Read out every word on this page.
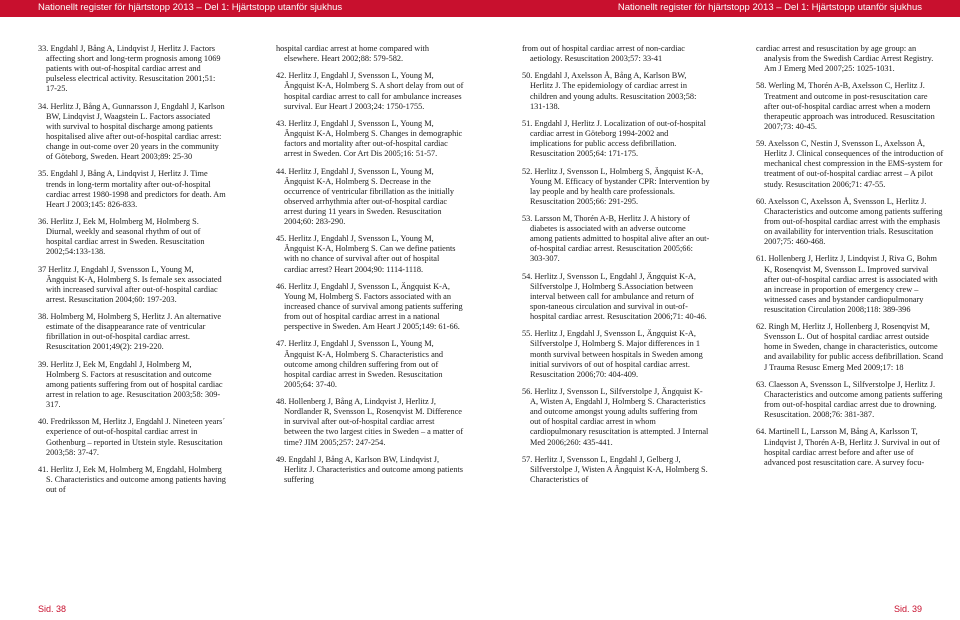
Nationellt register för hjärtstopp 2013 – Del 1: Hjärtstopp utanför sjukhus	Nationellt register för hjärtstopp 2013 – Del 1: Hjärtstopp utanför sjukhus

33. Engdahl J, Bång A, Lindqvist J, Herlitz J. Factors affecting short and long-term prognosis among 1069 patients with out-of-hospital cardiac arrest and pulseless electrical activity. Resuscitation 2001;51: 17-25.

34. Herlitz J, Bång A, Gunnarsson J, Engdahl J, Karlson BW, Lindqvist J, Waagstein L. Factors associated with survival to hospital discharge among patients hospitalised alive after out-of-hospital cardiac arrest: change in out-come over 20 years in the community of Göteborg, Sweden. Heart 2003;89: 25-30

35. Engdahl J, Bång A, Lindqvist J, Herlitz J. Time trends in long-term mortality after out-of-hospital cardiac arrest 1980-1998 and predictors for death. Am Heart J 2003;145: 826-833.

36. Herlitz J, Eek M, Holmberg M, Holmberg S. Diurnal, weekly and seasonal rhythm of out of hospital cardiac arrest in Sweden. Resuscitation 2002;54:133-138.

37 Herlitz J, Engdahl J, Svensson L, Young M, Ängquist K-A, Holmberg S. Is female sex associated with increased survival after out-of-hospital cardiac arrest. Resuscitation 2004;60: 197-203.

38. Holmberg M, Holmberg S, Herlitz J. An alternative estimate of the disappearance rate of ventricular fibrillation in out-of-hospital cardiac arrest. Resuscitation 2001;49(2): 219-220.

39. Herlitz J, Eek M, Engdahl J, Holmberg M, Holmberg S. Factors at resuscitation and outcome among patients suffering from out of hospital cardiac arrest in relation to age. Resuscitation 2003;58: 309-317.

40. Fredriksson M, Herlitz J, Engdahl J. Nineteen years´ experience of out-of-hospital cardiac arrest in Gothenburg – reported in Utstein style. Resuscitation 2003;58: 37-47.

41. Herlitz J, Eek M, Holmberg M, Engdahl, Holmberg S. Characteristics and outcome among patients having out of

hospital cardiac arrest at home compared with elsewhere. Heart 2002;88: 579-582.

42. Herlitz J, Engdahl J, Svensson L, Young M, Ängquist K-A, Holmberg S. A short delay from out of hospital cardiac arrest to call for ambulance increases survival. Eur Heart J 2003;24: 1750-1755.

43. Herlitz J, Engdahl J, Svensson L, Young M, Ängquist K-A, Holmberg S. Changes in demographic factors and mortality after out-of-hospital cardiac arrest in Sweden. Cor Art Dis 2005;16: 51-57.

44. Herlitz J, Engdahl J, Svensson L, Young M, Ängquist K-A, Holmberg S. Decrease in the occurrence of ventricular fibrillation as the initially observed arrhythmia after out-of-hospital cardiac arrest during 11 years in Sweden. Resuscitation 2004;60: 283-290.

45. Herlitz J, Engdahl J, Svensson L, Young M, Ängquist K-A, Holmberg S. Can we define patients with no chance of survival after out of hospital cardiac arrest? Heart 2004;90: 1114-1118.

46. Herlitz J, Engdahl J, Svensson L, Ängquist K-A, Young M, Holmberg S. Factors associated with an increased chance of survival among patients suffering from out of hospital cardiac arrest in a national perspective in Sweden. Am Heart J 2005;149: 61-66.

47. Herlitz J, Engdahl J, Svensson L, Young M, Ängquist K-A, Holmberg S. Characteristics and outcome among children suffering from out of hospital cardiac arrest in Sweden. Resuscitation 2005;64: 37-40.

48. Hollenberg J, Bång A, Lindqvist J, Herlitz J, Nordlander R, Svensson L, Rosenqvist M. Difference in survival after out-of-hospital cardiac arrest between the two largest cities in Sweden – a matter of time? JIM 2005;257: 247-254.

49. Engdahl J, Bång A, Karlson BW, Lindqvist J, Herlitz J. Characteristics and outcome among patients suffering

from out of hospital cardiac arrest of non-cardiac aetiology. Resuscitation 2003;57: 33-41

50. Engdahl J, Axelsson Å, Bång A, Karlson BW, Herlitz J. The epidemiology of cardiac arrest in children and young adults. Resuscitation 2003;58: 131-138.

51. Engdahl J, Herlitz J. Localization of out-of-hospital cardiac arrest in Göteborg 1994-2002 and implications for public access defibrillation. Resuscitation 2005;64: 171-175.

52. Herlitz J, Svensson L, Holmberg S, Ängquist K-A, Young M. Efficacy of bystander CPR: Intervention by lay people and by health care professionals. Resuscitation 2005;66: 291-295.

53. Larsson M, Thorén A-B, Herlitz J. A history of diabetes is associated with an adverse outcome among patients admitted to hospital alive after an out-of-hospital cardiac arrest. Resuscitation 2005;66: 303-307.

54. Herlitz J, Svensson L, Engdahl J, Ängquist K-A, Silfverstolpe J, Holmberg S.Association between interval between call for ambulance and return of spon-taneous circulation and survival in out-of-hospital cardiac arrest. Resuscitation 2006;71: 40-46.

55. Herlitz J, Engdahl J, Svensson L, Ängquist K-A, Silfverstolpe J, Holmberg S. Major differences in 1 month survival between hospitals in Sweden among initial survivors of out of hospital cardiac arrest. Resuscitation 2006;70: 404-409.

56. Herlitz J, Svensson L, Silfverstolpe J, Ängquist K-A, Wisten A, Engdahl J, Holmberg S. Characteristics and outcome amongst young adults suffering from out of hospital cardiac arrest in whom cardiopulmonary resuscitation is attempted. J Internal Med 2006;260: 435-441.

57. Herlitz J, Svensson L, Engdahl J, Gelberg J, Silfverstolpe J, Wisten A Ängquist K-A, Holmberg S. Characteristics of

cardiac arrest and resuscitation by age group: an analysis from the Swedish Cardiac Arrest Registry. Am J Emerg Med 2007;25: 1025-1031.

58. Werling M, Thorén A-B, Axelsson C, Herlitz J. Treatment and outcome in post-resuscitation care after out-of-hospital cardiac arrest when a modern therapeutic approach was introduced. Resuscitation 2007;73: 40-45.

59. Axelsson C, Nestin J, Svensson L, Axelsson Å, Herlitz J. Clinical consequences of the introduction of mechanical chest compression in the EMS-system for treatment of out-of-hospital cardiac arrest – A pilot study. Resuscitation 2006;71: 47-55.

60. Axelsson C, Axelsson Å, Svensson L, Herlitz J. Characteristics and outcome among patients suffering from out-of-hospital cardiac arrest with the emphasis on availability for intervention trials. Resuscitation 2007;75: 460-468.

61. Hollenberg J, Herlitz J, Lindqvist J, Riva G, Bohm K, Rosenqvist M, Svensson L. Improved survival after out-of-hospital cardiac arrest is associated with an increase in proportion of emergency crew – witnessed cases and bystander cardiopulmonary resuscitation Circulation 2008;118: 389-396

62. Ringh M, Herlitz J, Hollenberg J, Rosenqvist M, Svensson L. Out of hospital cardiac arrest outside home in Sweden, change in characteristics, outcome and availability for public access defibrillation. Scand J Trauma Resusc Emerg Med 2009;17: 18

63. Claesson A, Svensson L, Silfverstolpe J, Herlitz J. Characteristics and outcome among patients suffering from out-of-hospital cardiac arrest due to drowning. Resuscitation. 2008;76: 381-387.

64. Martinell L, Larsson M, Bång A, Karlsson T, Lindqvist J, Thorén A-B, Herlitz J. Survival in out of hospital cardiac arrest before and after use of advanced post resuscitation care. A survey focu-

Sid. 38	Sid. 39
